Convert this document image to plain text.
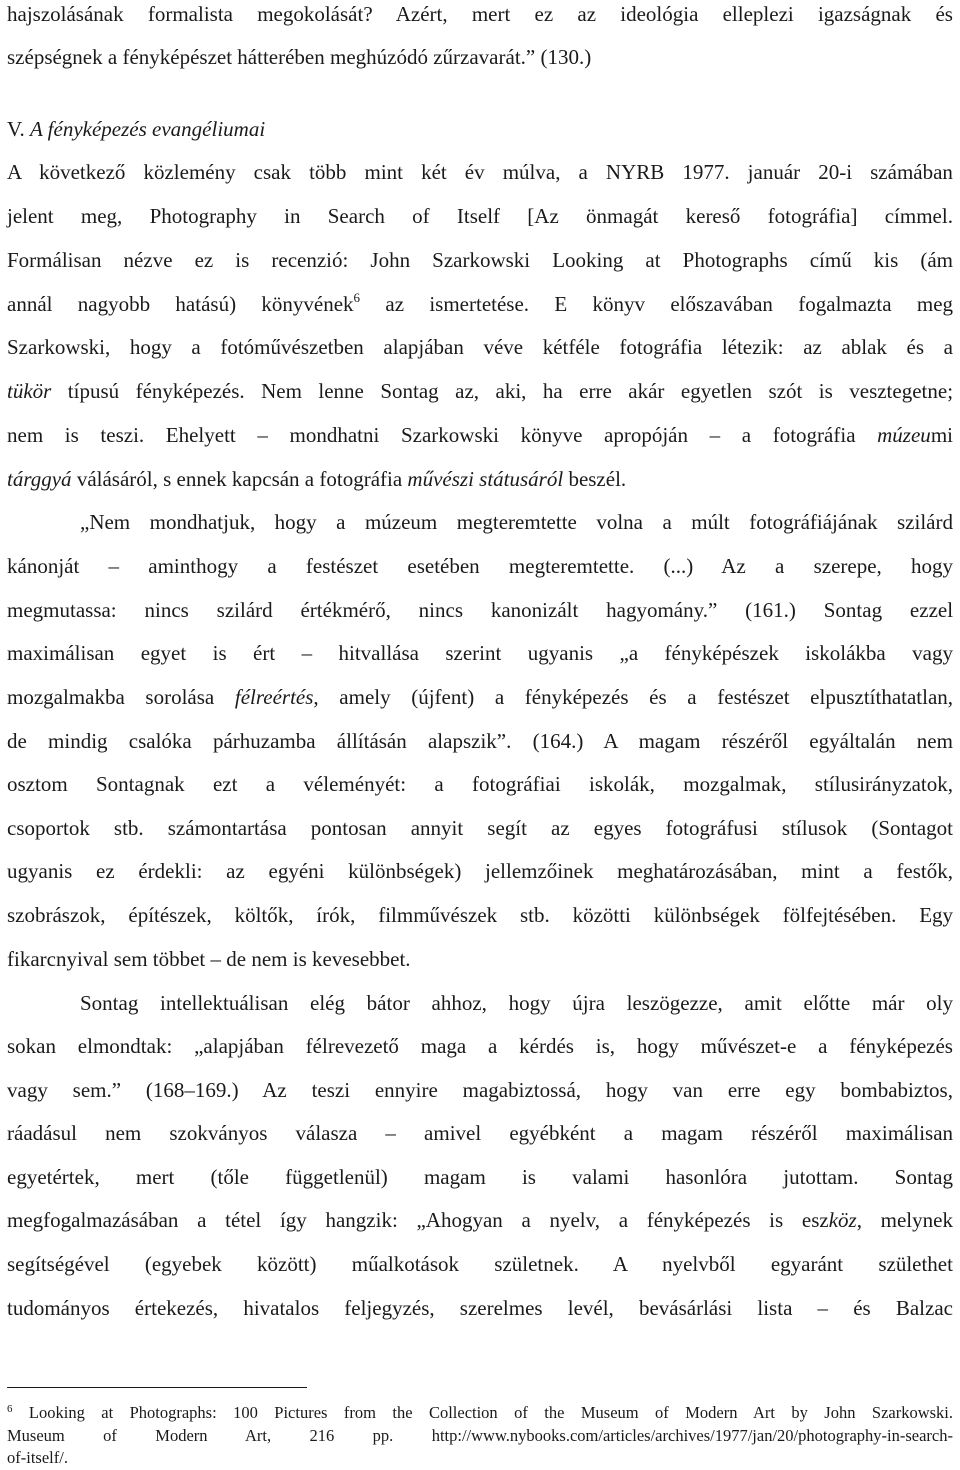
hajszolásának formalista megokolását? Azért, mert ez az ideológia elleplezi igazságnak és
szépségnek a fényképészet hátterében meghúzódó zűrzavarát.” (130.)
V. A fényképezés evangéliumai
A következő közlemény csak több mint két év múlva, a NYRB 1977. január 20-i számában
jelent meg, Photography in Search of Itself [Az önmagát kereső fotográfia] címmel.
Formálisan nézve ez is recenzió: John Szarkowski Looking at Photographs című kis (ám
annál nagyobb hatású) könyvének$^6$ az ismertetése. E könyv előszavában fogalmazta meg
Szarkowski, hogy a fotóművészetben alapjában véve kétféle fotográfia létezik: az ablak és a
tükör típusú fényképezés. Nem lenne Sontag az, aki, ha erre akár egyetlen szót is vesztegetne;
nem is teszi. Ehelyett – mondhatni Szarkowski könyve apropóján – a fotográfia múzeumi
tárggyá válásáról, s ennek kapcsán a fotográfia művészi státusáról beszél.
„Nem mondhatjuk, hogy a múzeum megteremtette volna a múlt fotográfiájának szilárd
kánonját – aminthogy a festészet esetében megteremtette. (...) Az a szerepe, hogy
megmutassa: nincs szilárd értékmérő, nincs kanonizált hagyomány.” (161.) Sontag ezzel
maximálisan egyet is ért – hitvallása szerint ugyanis „a fényképészek iskolákba vagy
mozgalmakba sorolása félreértés, amely (újfent) a fényképezés és a festészet elpusztíthatatlan,
de mindig csalóka párhuzamba állításán alapszik”. (164.) A magam részéről egyáltalán nem
osztom Sontagnak ezt a véleményét: a fotográfiai iskolák, mozgalmak, stílusirányzatok,
csoportok stb. számontartása pontosan annyit segít az egyes fotográfusi stílusok (Sontagot
ugyanis ez érdekli: az egyéni különbségek) jellemzőinek meghatározásában, mint a festők,
szobrászok, építészek, költők, írók, filmművészek stb. közötti különbségek fölfejtésében. Egy
fikarcnyival sem többet – de nem is kevesebbet.
Sontag intellektuálisan elég bátor ahhoz, hogy újra leszögezze, amit előtte már oly
sokan elmondtak: „alapjában félrevezető maga a kérdés is, hogy művészet-e a fényképezés
vagy sem.” (168–169.) Az teszi ennyire magabiztossá, hogy van erre egy bombabiztos,
ráadásul nem szokványos válasza – amivel egyébként a magam részéről maximálisan
egyetértek, mert (tőle függetlenül) magam is valami hasonlóra jutottam. Sontag
megfogalmazásában a tétel így hangzik: „Ahogyan a nyelv, a fényképezés is eszköz, melynek
segítségével (egyebek között) műalkotások születnek. A nyelvből egyaránt születhet
tudományos értekezés, hivatalos feljegyzés, szerelmes levél, bevásárlási lista – és Balzac
$^6$ Looking at Photographs: 100 Pictures from the Collection of the Museum of Modern Art by John Szarkowski.
Museum of Modern Art, 216 pp. http://www.nybooks.com/articles/archives/1977/jan/20/photography-in-search-
of-itself/.
